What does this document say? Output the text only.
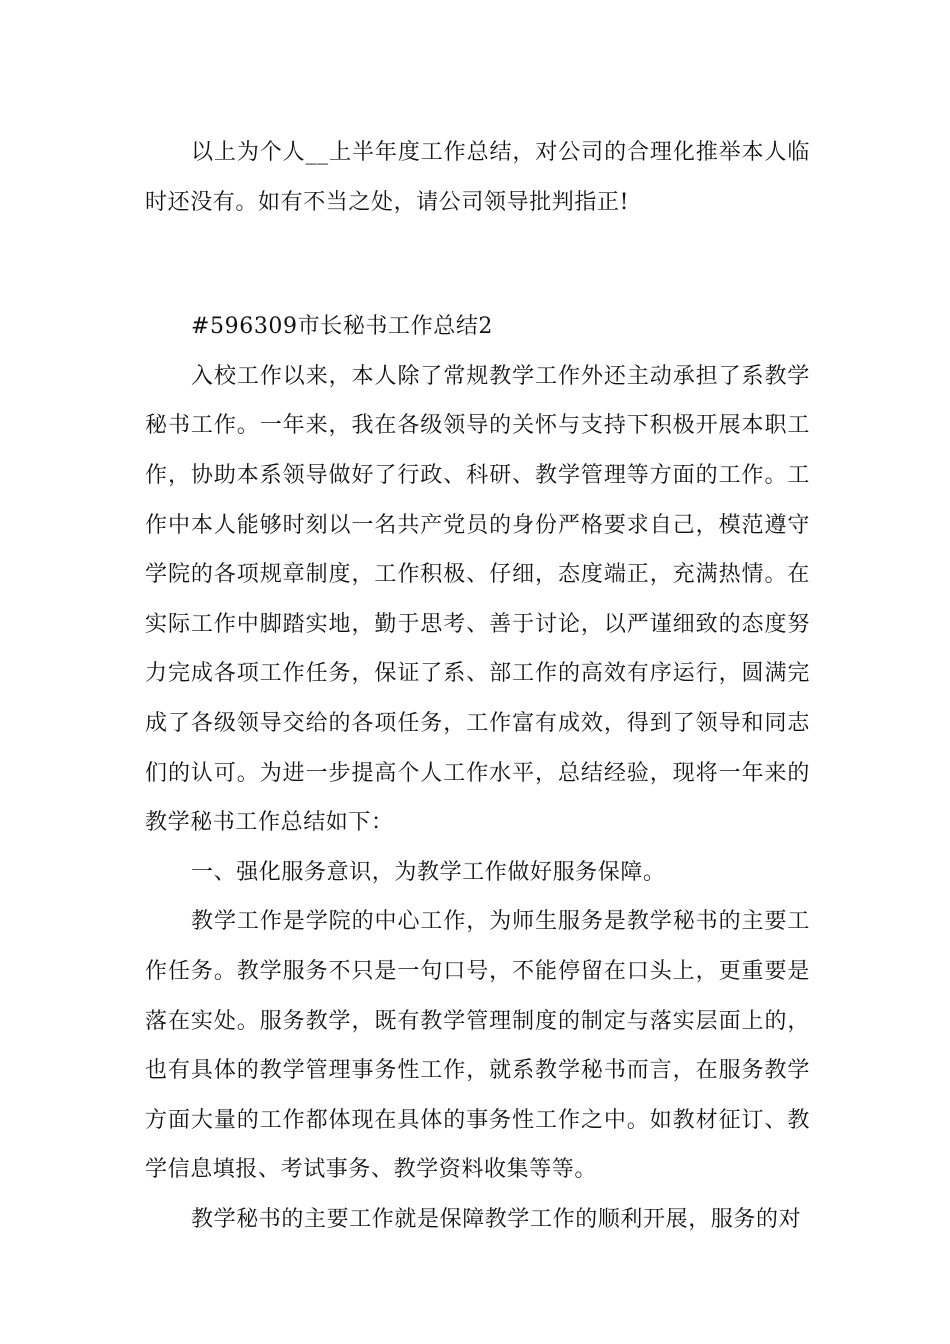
以上为个人__上半年度工作总结，对公司的合理化推举本人临时还没有。如有不当之处，请公司领导批判指正!

#596309市长秘书工作总结2

入校工作以来，本人除了常规教学工作外还主动承担了系教学秘书工作。一年来，我在各级领导的关怀与支持下积极开展本职工作，协助本系领导做好了行政、科研、教学管理等方面的工作。工作中本人能够时刻以一名共产党员的身份严格要求自己，模范遵守学院的各项规章制度，工作积极、仔细，态度端正，充满热情。在实际工作中脚踏实地，勤于思考、善于讨论，以严谨细致的态度努力完成各项工作任务，保证了系、部工作的高效有序运行，圆满完成了各级领导交给的各项任务，工作富有成效，得到了领导和同志们的认可。为进一步提高个人工作水平，总结经验，现将一年来的教学秘书工作总结如下：

一、强化服务意识，为教学工作做好服务保障。

教学工作是学院的中心工作，为师生服务是教学秘书的主要工作任务。教学服务不只是一句口号，不能停留在口头上，更重要是落在实处。服务教学，既有教学管理制度的制定与落实层面上的，也有具体的教学管理事务性工作，就系教学秘书而言，在服务教学方面大量的工作都体现在具体的事务性工作之中。如教材征订、教学信息填报、考试事务、教学资料收集等等。

教学秘书的主要工作就是保障教学工作的顺利开展，服务的对
